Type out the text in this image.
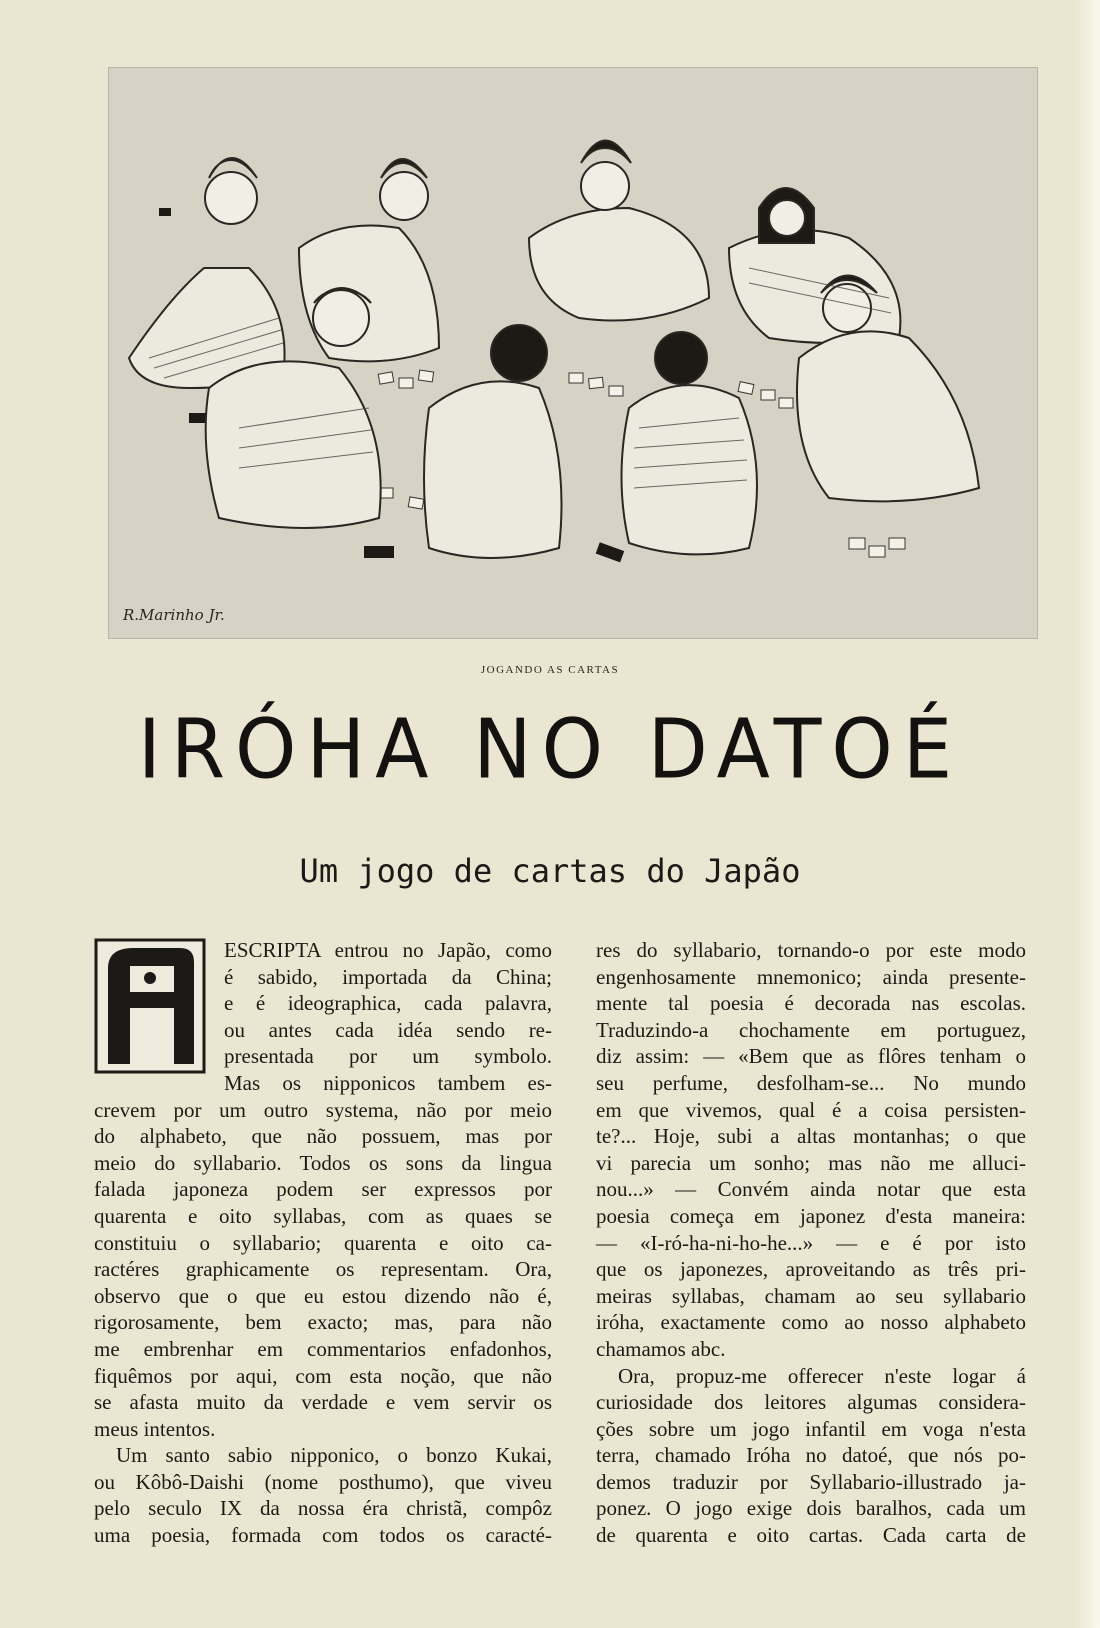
R.Marinho Jr.
JOGANDO AS CARTAS
IRÓHA NO DATOÉ
Um jogo de cartas do Japão
A
ESCRIPTA entrou no Japão, como
é sabido, importada da China;
e é ideographica, cada palavra,
ou antes cada idéa sendo re-
presentada por um symbolo.
Mas os nipponicos tambem es-
crevem por um outro systema, não por meio
do alphabeto, que não possuem, mas por
meio do syllabario. Todos os sons da lingua
falada japoneza podem ser expressos por
quarenta e oito syllabas, com as quaes se
constituiu o syllabario; quarenta e oito ca-
ractéres graphicamente os representam. Ora,
observo que o que eu estou dizendo não é,
rigorosamente, bem exacto; mas, para não
me embrenhar em commentarios enfadonhos,
fiquêmos por aqui, com esta noção, que não
se afasta muito da verdade e vem servir os
meus intentos.
Um santo sabio nipponico, o bonzo Kukai,
ou Kôbô-Daishi (nome posthumo), que viveu
pelo seculo IX da nossa éra christã, compôz
uma poesia, formada com todos os caracté-
res do syllabario, tornando-o por este modo
engenhosamente mnemonico; ainda presente-
mente tal poesia é decorada nas escolas.
Traduzindo-a chochamente em portuguez,
diz assim: — «Bem que as flôres tenham o
seu perfume, desfolham-se... No mundo
em que vivemos, qual é a coisa persisten-
te?... Hoje, subi a altas montanhas; o que
vi parecia um sonho; mas não me alluci-
nou...» — Convém ainda notar que esta
poesia começa em japonez d'esta maneira:
— «I-ró-ha-ni-ho-he...» — e é por isto
que os japonezes, aproveitando as três pri-
meiras syllabas, chamam ao seu syllabario
iróha, exactamente como ao nosso alphabeto
chamamos abc.
Ora, propuz-me offerecer n'este logar á
curiosidade dos leitores algumas considera-
ções sobre um jogo infantil em voga n'esta
terra, chamado Iróha no datoé, que nós po-
demos traduzir por Syllabario-illustrado ja-
ponez. O jogo exige dois baralhos, cada um
de quarenta e oito cartas. Cada carta de
